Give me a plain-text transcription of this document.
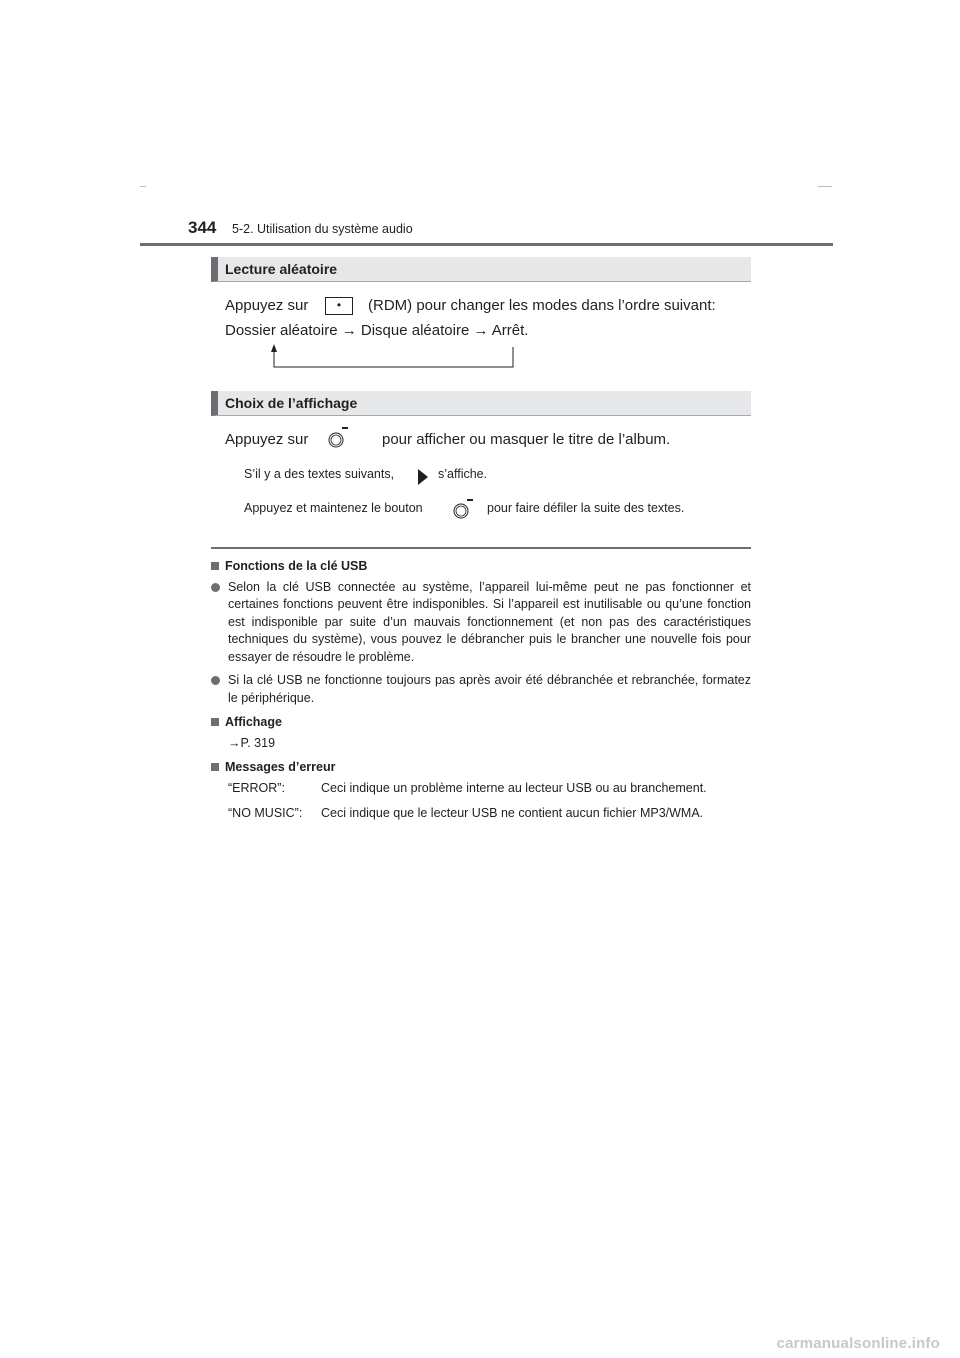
344 5-2. Utilisation du système audio
Lecture aléatoire
Appuyez sur	•	(RDM) pour changer les modes dans l’ordre suivant:
Dossier aléatoire → Disque aléatoire → Arrêt.
Choix de l’affichage
Appuyez sur	pour afficher ou masquer le titre de l’album.
S’il y a des textes suivants,	s’affiche.
Appuyez et maintenez le bouton	pour faire défiler la suite des textes.
Fonctions de la clé USB

Selon la clé USB connectée au système, l’appareil lui-même peut ne pas fonctionner et certaines fonctions peuvent être indisponibles. Si l’appareil est inutilisable ou qu’une fonction est indisponible par suite d’un mauvais fonctionnement (et non pas des caractéristiques techniques du système), vous pouvez le débrancher puis le brancher une nouvelle fois pour essayer de résoudre le problème.

Si la clé USB ne fonctionne toujours pas après avoir été débranchée et rebranchée, formatez le périphérique.

Affichage
→P. 319
Messages d’erreur
“ERROR”:	Ceci indique un problème interne au lecteur USB ou au branchement.
“NO MUSIC”:	Ceci indique que le lecteur USB ne contient aucun fichier MP3/WMA.
carmanualsonline.info
